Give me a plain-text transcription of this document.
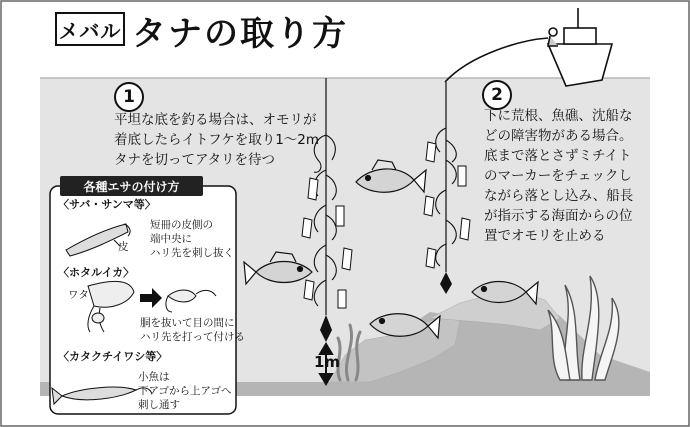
メバル タナの取り方
1
平坦な底を釣る場合は、オモリが
着底したらイトフケを取り1～2m
タナを切ってアタリを待つ
2
下に荒根、魚礁、沈船な
どの障害物がある場合。
底まで落とさずミチイト
のマーカーをチェックし
ながら落とし込み、船長
が指示する海面からの位
置でオモリを止める
各種エサの付け方
〈サバ・サンマ等〉
皮
短冊の皮側の
端中央に
ハリ先を刺し抜く
〈ホタルイカ〉
ワタ
胴を抜いて目の間に
ハリ先を打って付ける
〈カタクチイワシ等〉
小魚は
下アゴから上アゴへ
刺し通す
1m
